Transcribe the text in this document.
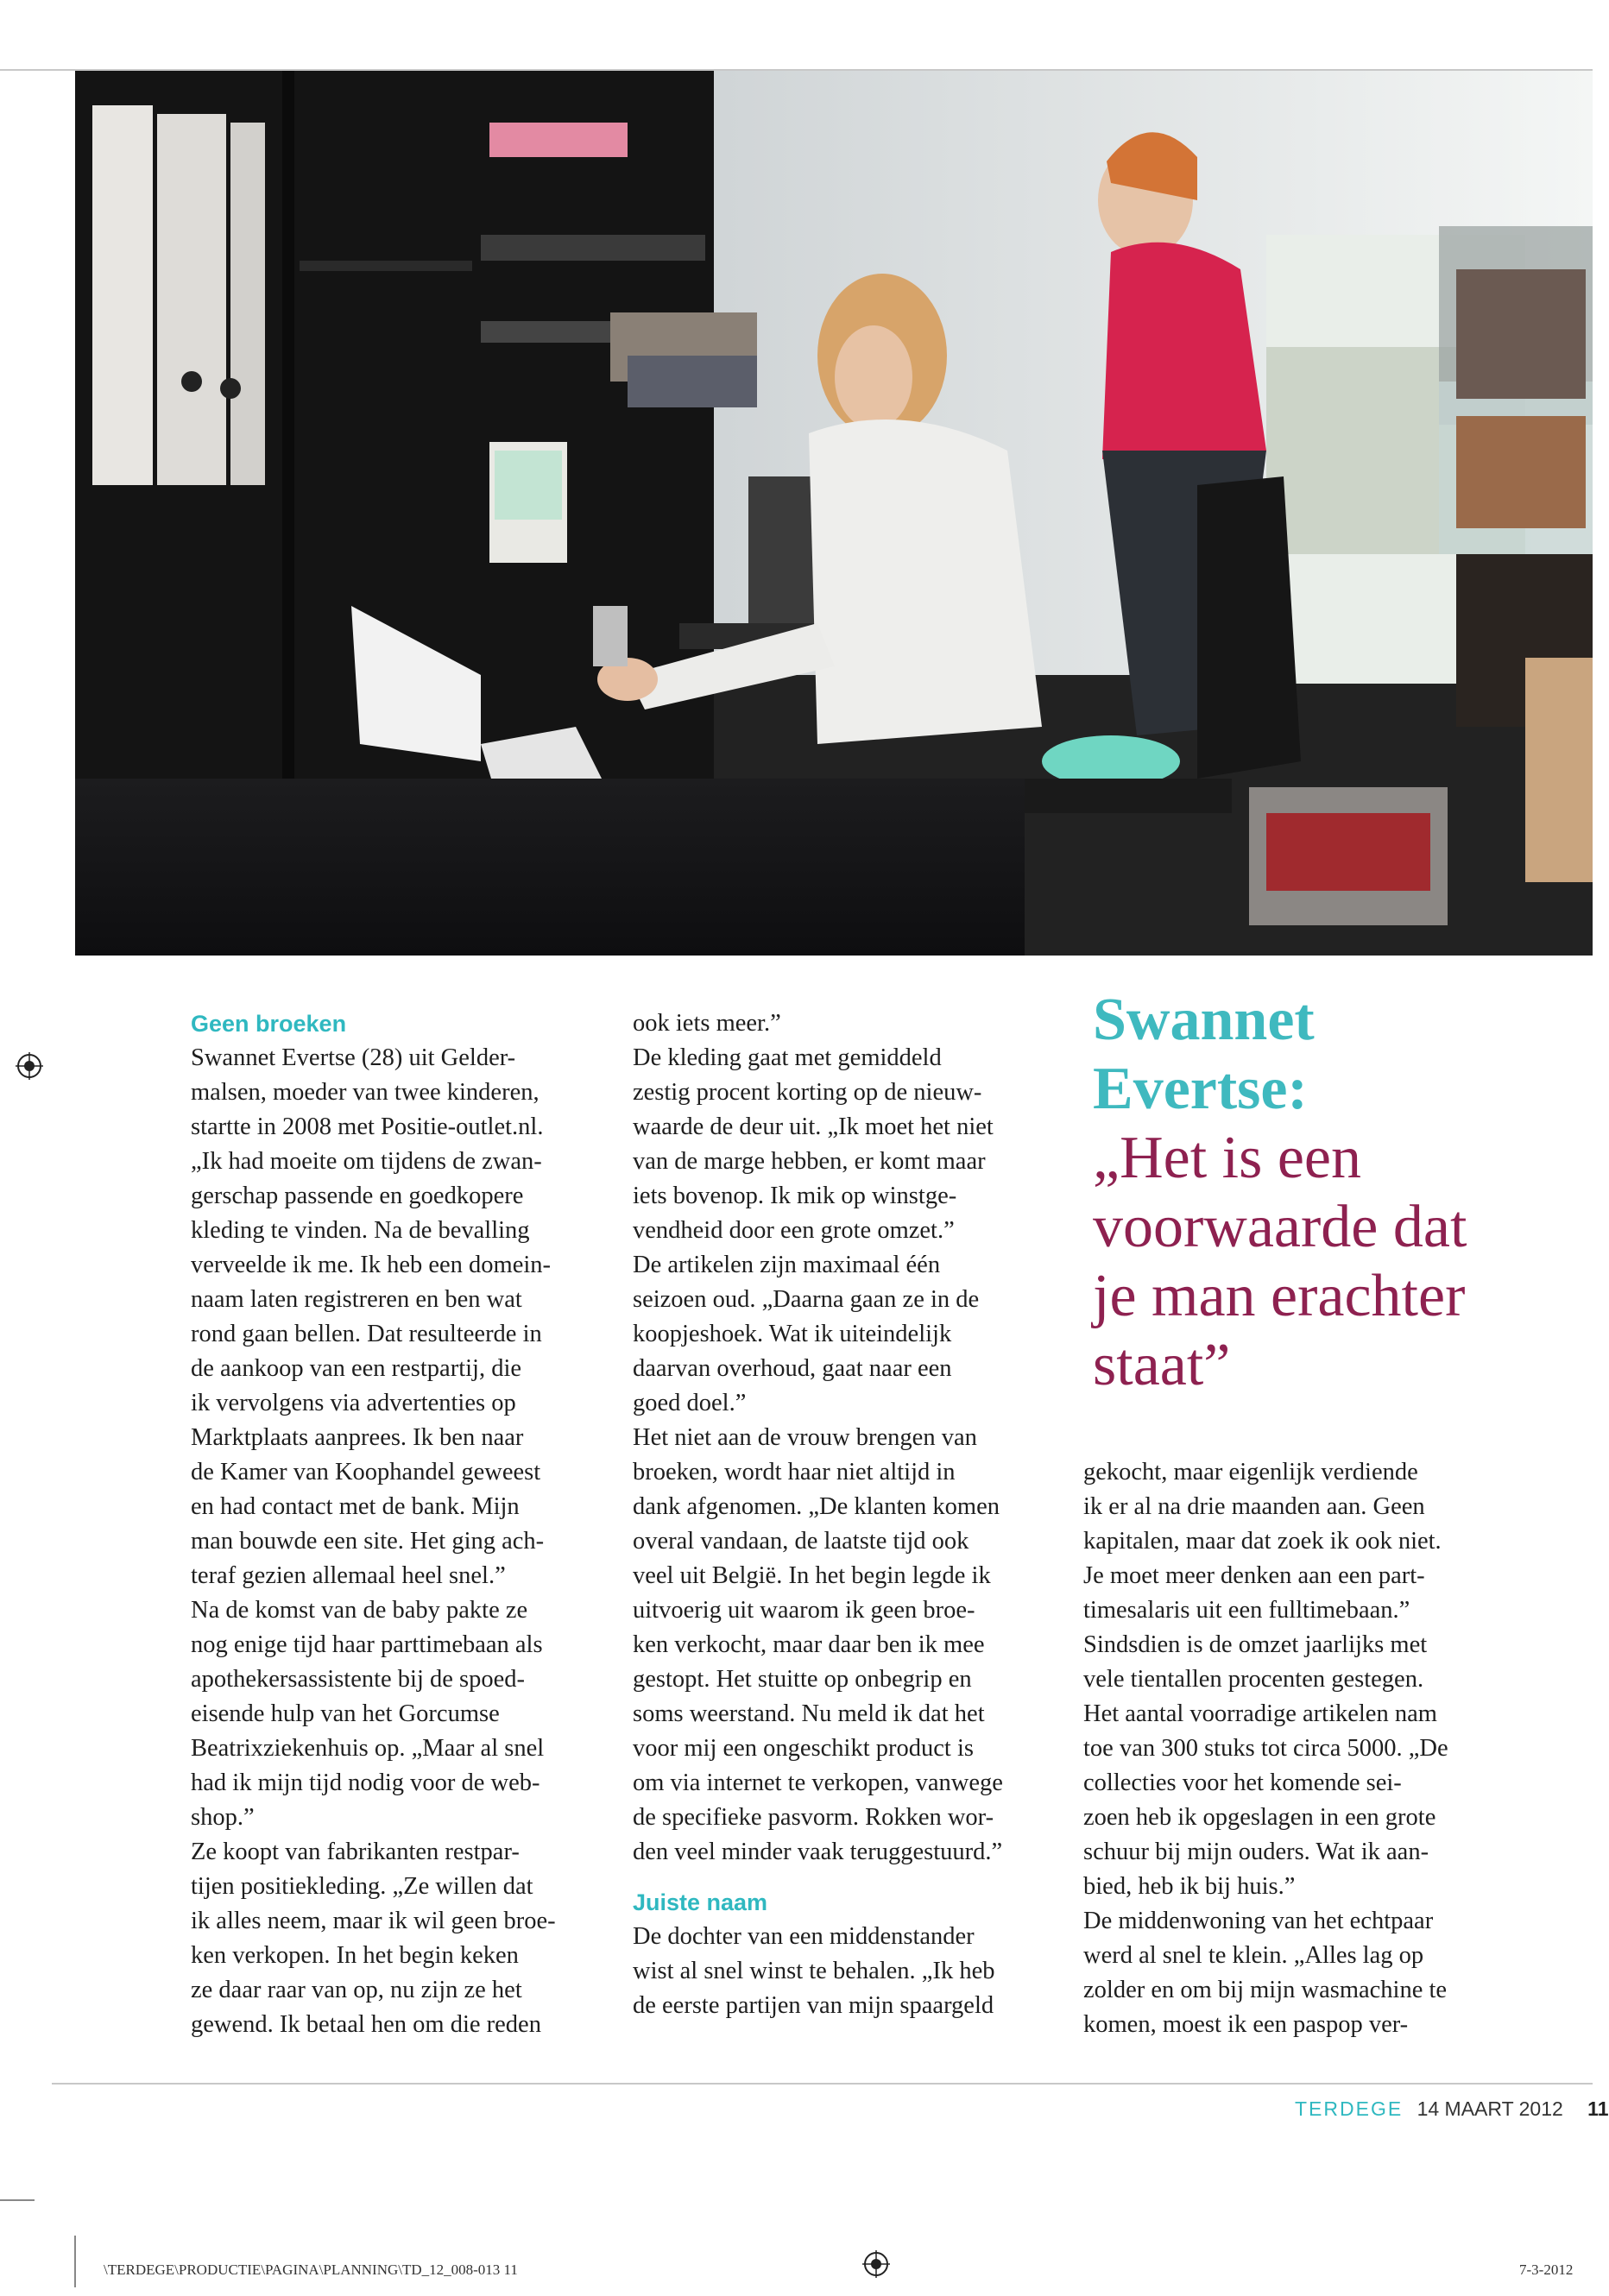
Geen broeken

Swannet Evertse (28) uit Gelder-
malsen, moeder van twee kinderen,
startte in 2008 met Positie-outlet.nl.
„Ik had moeite om tijdens de zwan-
gerschap passende en goedkopere
kleding te vinden. Na de bevalling
verveelde ik me. Ik heb een domein-
naam laten registreren en ben wat
rond gaan bellen. Dat resulteerde in
de aankoop van een restpartij, die
ik vervolgens via advertenties op
Marktplaats aanprees. Ik ben naar
de Kamer van Koophandel geweest
en had contact met de bank. Mijn
man bouwde een site. Het ging ach-
teraf gezien allemaal heel snel.”
Na de komst van de baby pakte ze
nog enige tijd haar parttimebaan als
apothekersassistente bij de spoed-
eisende hulp van het Gorcumse
Beatrixziekenhuis op. „Maar al snel
had ik mijn tijd nodig voor de web-
shop.”
Ze koopt van fabrikanten restpar-
tijen positiekleding. „Ze willen dat
ik alles neem, maar ik wil geen broe-
ken verkopen. In het begin keken
ze daar raar van op, nu zijn ze het
gewend. Ik betaal hen om die reden
ook iets meer.”
De kleding gaat met gemiddeld
zestig procent korting op de nieuw-
waarde de deur uit. „Ik moet het niet
van de marge hebben, er komt maar
iets bovenop. Ik mik op winstge-
vendheid door een grote omzet.”
De artikelen zijn maximaal één
seizoen oud. „Daarna gaan ze in de
koopjeshoek. Wat ik uiteindelijk
daarvan overhoud, gaat naar een
goed doel.”
Het niet aan de vrouw brengen van
broeken, wordt haar niet altijd in
dank afgenomen. „De klanten komen
overal vandaan, de laatste tijd ook
veel uit België. In het begin legde ik
uitvoerig uit waarom ik geen broe-
ken verkocht, maar daar ben ik mee
gestopt. Het stuitte op onbegrip en
soms weerstand. Nu meld ik dat het
voor mij een ongeschikt product is
om via internet te verkopen, vanwege
de specifieke pasvorm. Rokken wor-
den veel minder vaak teruggestuurd.”

Juiste naam

De dochter van een middenstander
wist al snel winst te behalen. „Ik heb
de eerste partijen van mijn spaargeld
Swannet
Evertse:
„Het is een
voorwaarde dat
je man erachter
staat”
gekocht, maar eigenlijk verdiende
ik er al na drie maanden aan. Geen
kapitalen, maar dat zoek ik ook niet.
Je moet meer denken aan een part-
timesalaris uit een fulltimebaan.”
Sindsdien is de omzet jaarlijks met
vele tientallen procenten gestegen.
Het aantal voorradige artikelen nam
toe van 300 stuks tot circa 5000. „De
collecties voor het komende sei-
zoen heb ik opgeslagen in een grote
schuur bij mijn ouders. Wat ik aan-
bied, heb ik bij huis.”
De middenwoning van het echtpaar
werd al snel te klein. „Alles lag op
zolder en om bij mijn wasmachine te
komen, moest ik een paspop ver-
TERDEGE 14 MAART 2012 11
\TERDEGE\PRODUCTIE\PAGINA\PLANNING\TD_12_008-013 11	7-3-2012
